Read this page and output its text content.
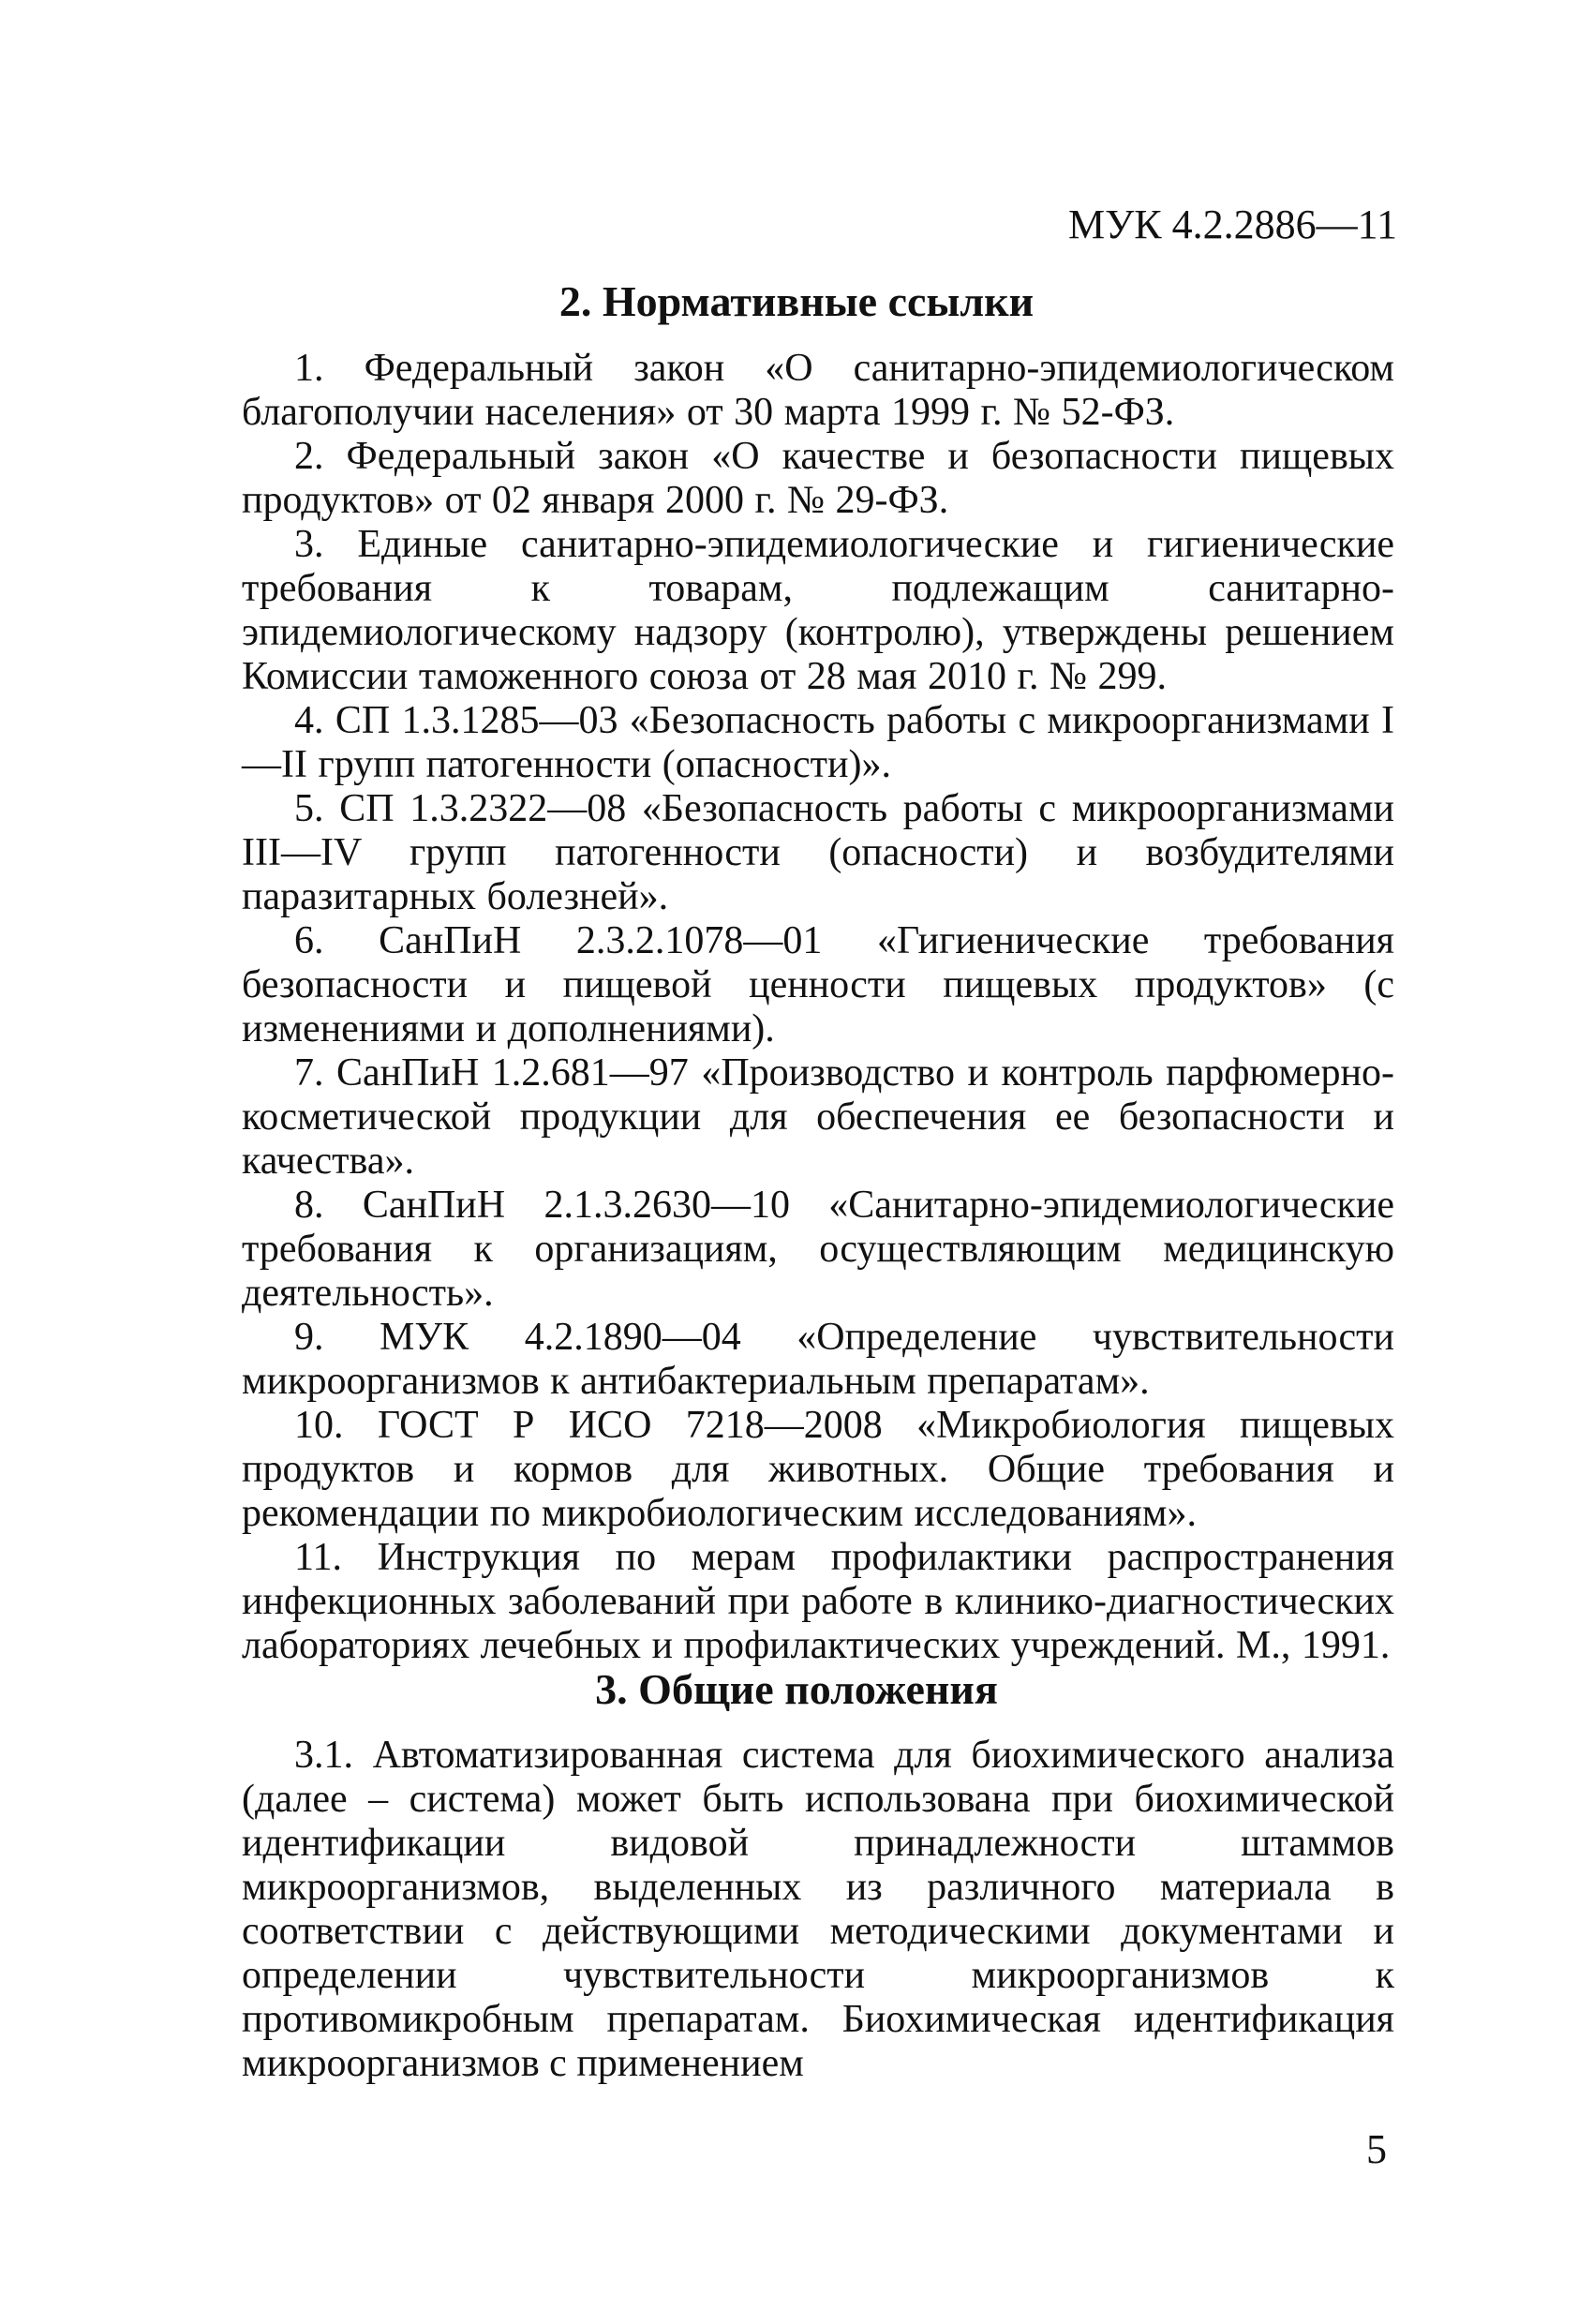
МУК 4.2.2886—11
2. Нормативные ссылки

1. Федеральный закон «О санитарно-эпидемиологическом благополучии населения» от 30 марта 1999 г. № 52-ФЗ.

2. Федеральный закон «О качестве и безопасности пищевых продуктов» от 02 января 2000 г. № 29-ФЗ.

3. Единые санитарно-эпидемиологические и гигиенические требования к товарам, подлежащим санитарно-эпидемиологическому надзору (контролю), утверждены решением Комиссии таможенного союза от 28 мая 2010 г. № 299.

4. СП 1.3.1285—03 «Безопасность работы с микроорганизмами I—II групп патогенности (опасности)».

5. СП 1.3.2322—08 «Безопасность работы с микроорганизмами III—IV групп патогенности (опасности) и возбудителями паразитарных болезней».

6. СанПиН 2.3.2.1078—01 «Гигиенические требования безопасности и пищевой ценности пищевых продуктов» (с изменениями и дополнениями).

7. СанПиН 1.2.681—97 «Производство и контроль парфюмерно-косметической продукции для обеспечения ее безопасности и качества».

8. СанПиН 2.1.3.2630—10 «Санитарно-эпидемиологические требования к организациям, осуществляющим медицинскую деятельность».

9. МУК 4.2.1890—04 «Определение чувствительности микроорганизмов к антибактериальным препаратам».

10. ГОСТ Р ИСО 7218—2008 «Микробиология пищевых продуктов и кормов для животных. Общие требования и рекомендации по микробиологическим исследованиям».

11. Инструкция по мерам профилактики распространения инфекционных заболеваний при работе в клинико-диагностических лабораториях лечебных и профилактических учреждений. М., 1991.

3. Общие положения

3.1. Автоматизированная система для биохимического анализа (далее – система) может быть использована при биохимической идентификации видовой принадлежности штаммов микроорганизмов, выделенных из различного материала в соответствии с действующими методическими документами и определении чувствительности микроорганизмов к противомикробным препаратам. Биохимическая идентификация микроорганизмов с применением

5
